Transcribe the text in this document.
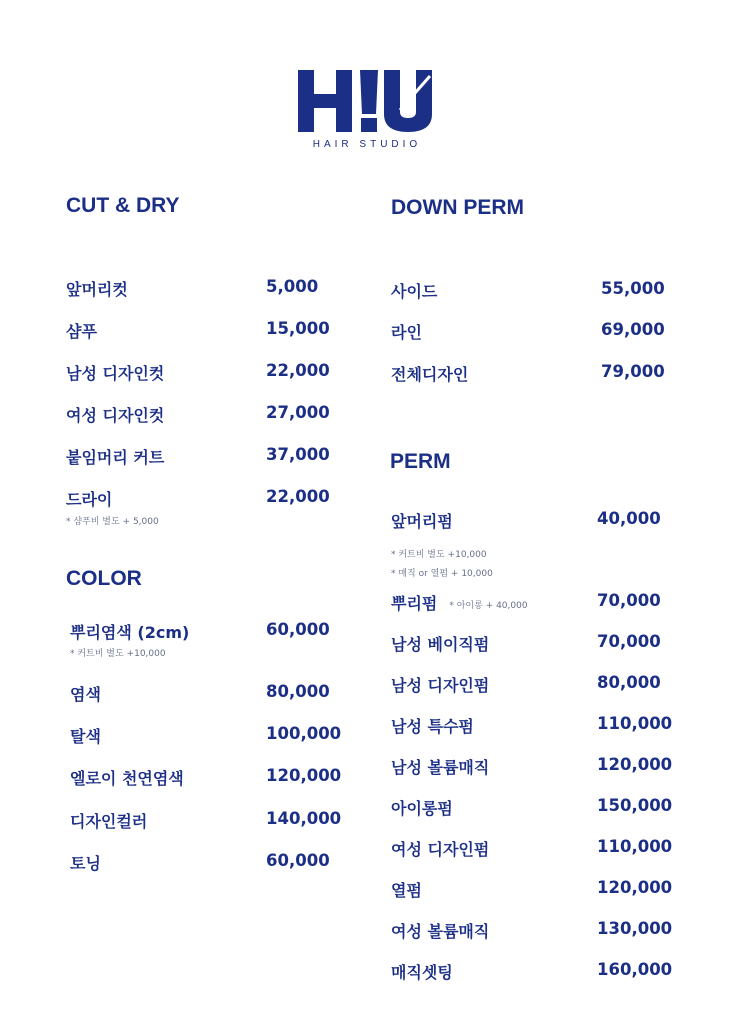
HAIR STUDIO
CUT & DRY
앞머리컷	5,000
샴푸	15,000
남성 디자인컷	22,000
여성 디자인컷	27,000
붙임머리 커트	37,000
드라이	22,000
* 샴푸비 별도 + 5,000
COLOR
뿌리염색 (2cm)	60,000
* 커트비 별도 +10,000
염색	80,000
탈색	100,000
엘로이 천연염색	120,000
디자인컬러	140,000
토닝	60,000
DOWN PERM
사이드	55,000
라인	69,000
전체디자인	79,000
PERM
앞머리펌	40,000
* 커트비 별도 +10,000
* 매직 or 열펌 + 10,000
뿌리펌 * 아이롱 + 40,000	70,000
남성 베이직펌	70,000
남성 디자인펌	80,000
남성 특수펌	110,000
남성 볼륨매직	120,000
아이롱펌	150,000
여성 디자인펌	110,000
열펌	120,000
여성 볼륨매직	130,000
매직셋팅	160,000
